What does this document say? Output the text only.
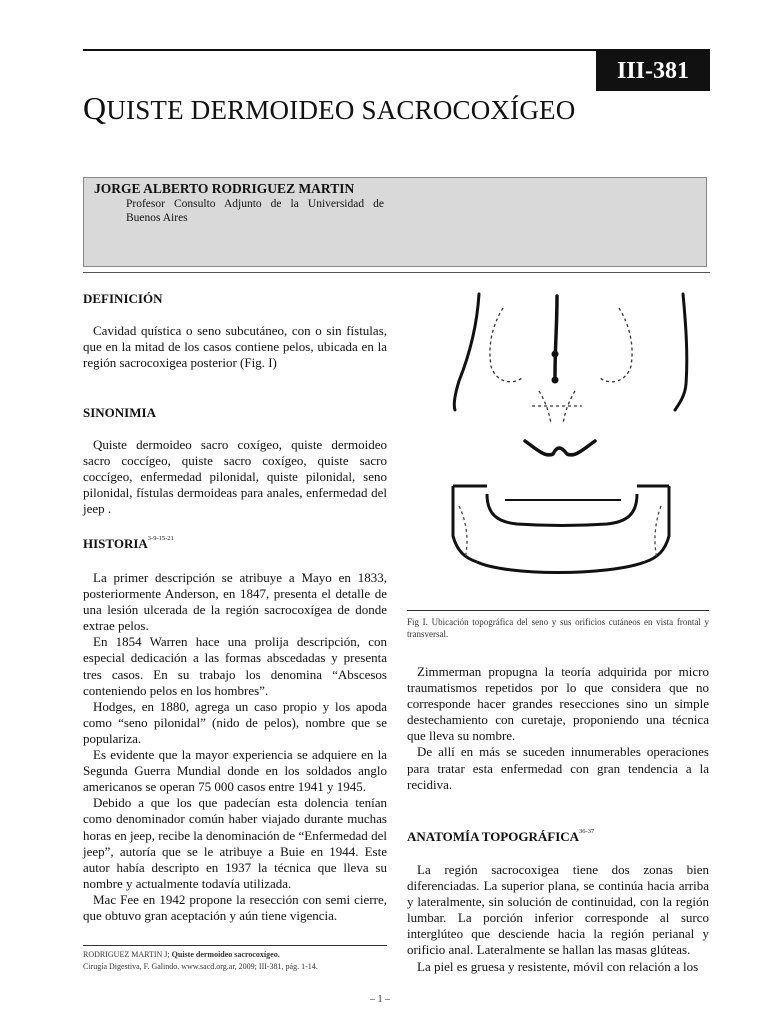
III-381
QUISTE DERMOIDEO SACROCOXÍGEO
JORGE ALBERTO RODRIGUEZ MARTIN
Profesor Consulto Adjunto de la Universidad de Buenos Aires
DEFINICIÓN

Cavidad quística o seno subcutáneo, con o sin fístulas, que en la mitad de los casos contiene pelos, ubicada en la región sacrocoxigea posterior (Fig. I)

SINONIMIA

Quiste dermoideo sacro coxígeo, quiste dermoideo sacro coccígeo, quiste sacro coxígeo, quiste sacro coccígeo, enfermedad pilonidal, quiste pilonidal, seno pilonidal, fístulas dermoideas para anales, enfermedad del jeep .

HISTORIA$^{3-9-15-21}$

La primer descripción se atribuye a Mayo en 1833, posteriormente Anderson, en 1847, presenta el detalle de una lesión ulcerada de la región sacrocoxígea de donde extrae pelos.

En 1854 Warren hace una prolija descripción, con especial dedicación a las formas abscedadas y presenta tres casos. En su trabajo los denomina “Abscesos conteniendo pelos en los hombres”.

Hodges, en 1880, agrega un caso propio y los apoda como “seno pilonidal” (nido de pelos), nombre que se popularizа.

Es evidente que la mayor experiencia se adquiere en la Segunda Guerra Mundial donde en los soldados anglo americanos se operan 75 000 casos entre 1941 y 1945.

Debido a que los que padecían esta dolencia tenían como denominador común haber viajado durante muchas horas en jeep, recibe la denominación de “Enfermedad del jeep”, autoría que se le atribuye a Buie en 1944. Este autor había descripto en 1937 la técnica que lleva su nombre y actualmente todavía utilizada.

Mac Fee en 1942 propone la resección con semi cierre, que obtuvo gran aceptación y aún tiene vigencia.

Fig I. Ubicación topográfica del seno y sus orificios cutáneos en vista frontal y transversal.

Zimmerman propugna la teoría adquirida por micro traumatismos repetidos por lo que considera que no corresponde hacer grandes resecciones sino un simple destechamiento con curetaje, proponiendo una técnica que lleva su nombre.

De allí en más se suceden innumerables operaciones para tratar esta enfermedad con gran tendencia a la recidiva.

ANATOMÍA TOPOGRÁFICA$^{36-37}$

La región sacrocoxigea tiene dos zonas bien diferenciadas. La superior plana, se continúa hacia arriba y lateralmente, sin solución de continuidad, con la región lumbar. La porción inferior corresponde al surco interglúteo que desciende hacia la región perianal y orificio anal. Lateralmente se hallan las masas glúteas.

La piel es gruesa y resistente, móvil con relación a los

RODRIGUEZ MARTIN J; Quiste dermoideo sacrocoxígeo.
Cirugía Digestiva, F. Galindo. www.sacd.org.ar, 2009; III-381, pág. 1-14.
– 1 –
